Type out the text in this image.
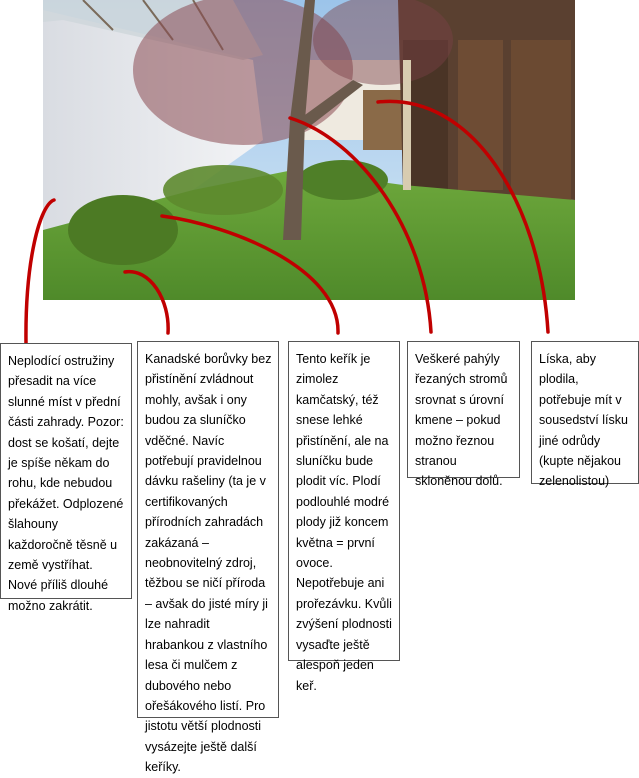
Neplodící ostružiny přesadit na více slunné míst v přední části zahrady. Pozor: dost se košatí, dejte je spíše někam do rohu, kde nebudou překážet. Odplozené šlahouny každoročně těsně u země vystříhat. Nové příliš dlouhé možno zakrátit.
Kanadské borůvky bez přistínění zvládnout mohly, avšak i ony budou za sluníčko vděčné. Navíc potřebují pravidelnou dávku rašeliny (ta je v certifikovaných přírodních zahradách zakázaná – neobnovitelný zdroj, těžbou se ničí příroda – avšak do jisté míry ji lze nahradit hrabankou z vlastního lesa či mulčem z dubového nebo ořešákového listí. Pro jistotu větší plodnosti vysázejte ještě další keříky.
Tento keřík je zimolez kamčatský, též snese lehké přistínění, ale na sluníčku bude plodit víc. Plodí podlouhlé modré plody již koncem května = první ovoce. Nepotřebuje ani prořezávku. Kvůli zvýšení plodnosti vysaďte ještě alespoň jeden keř.
Veškeré pahýly řezaných stromů srovnat s úrovní kmene – pokud možno řeznou stranou skloněnou dolů.
Líska, aby plodila, potřebuje mít v sousedství lísku jiné odrůdy (kupte nějakou zelenolistou)
